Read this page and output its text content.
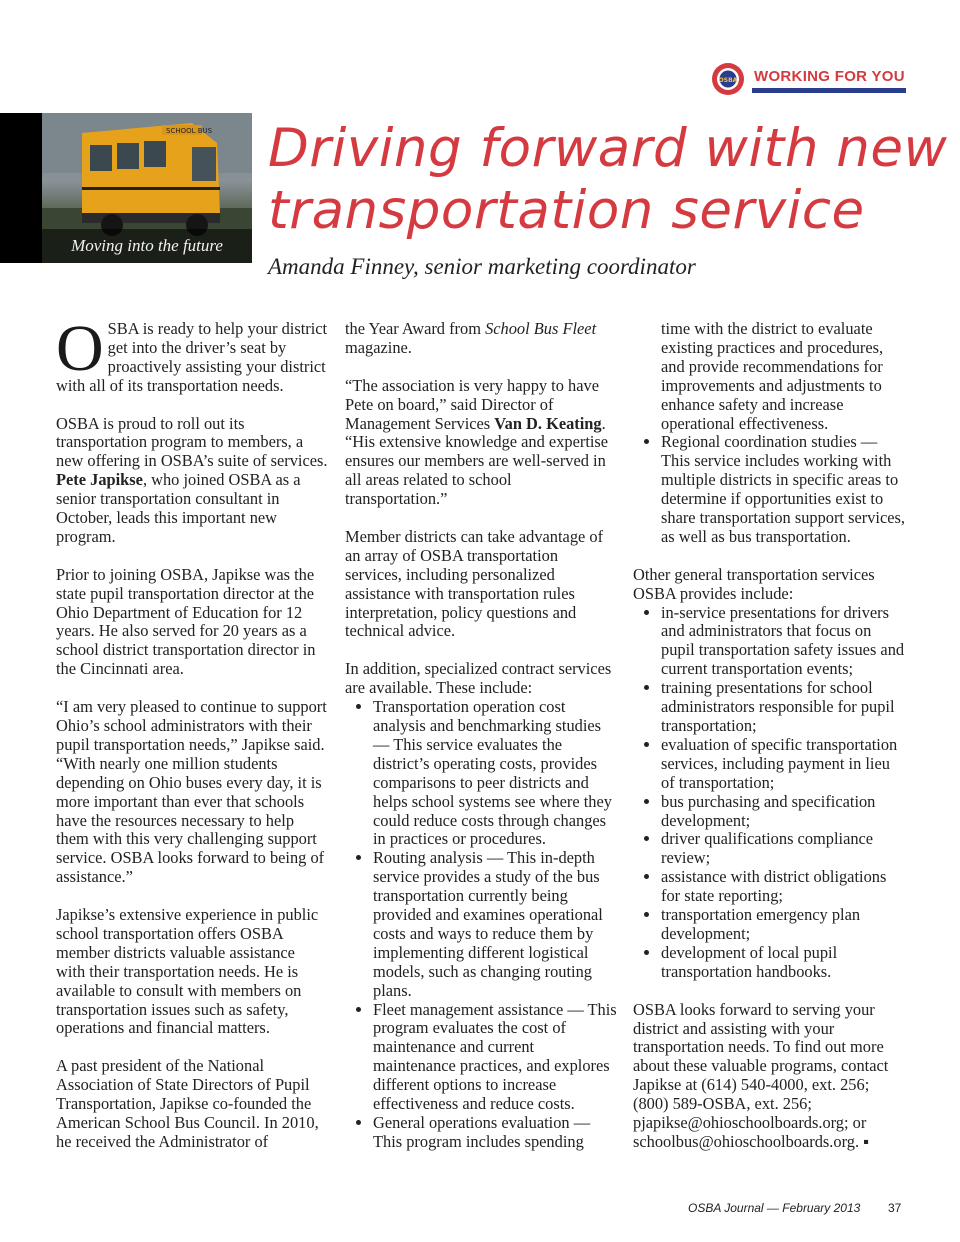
SCHOOL BUS
Moving into the future
OSBA WORKING FOR YOU
Driving forward with new
transportation service

Amanda Finney, senior marketing coordinator

OSBA is ready to help your district get into the driver’s seat by proactively assisting your district with all of its transportation needs.

OSBA is proud to roll out its transportation program to members, a new offering in OSBA’s suite of services. Pete Japikse, who joined OSBA as a senior transportation consultant in October, leads this important new program.

Prior to joining OSBA, Japikse was the state pupil transportation director at the Ohio Department of Education for 12 years. He also served for 20 years as a school district transportation director in the Cincinnati area.

“I am very pleased to continue to support Ohio’s school administrators with their pupil transportation needs,” Japikse said. “With nearly one million students depending on Ohio buses every day, it is more important than ever that schools have the resources necessary to help them with this very challenging support service. OSBA looks forward to being of assistance.”

Japikse’s extensive experience in public school transportation offers OSBA member districts valuable assistance with their transportation needs. He is available to consult with members on transportation issues such as safety, operations and financial matters.

A past president of the National Association of State Directors of Pupil Transportation, Japikse co-founded the American School Bus Council. In 2010, he received the Administrator of

the Year Award from School Bus Fleet magazine.

“The association is very happy to have Pete on board,” said Director of Management Services Van D. Keating. “His extensive knowledge and expertise ensures our members are well-served in all areas related to school transportation.”

Member districts can take advantage of an array of OSBA transportation services, including personalized assistance with transportation rules interpretation, policy questions and technical advice.

In addition, specialized contract services are available. These include:

• Transportation operation cost analysis and benchmarking studies — This service evaluates the district’s operating costs, provides comparisons to peer districts and helps school systems see where they could reduce costs through changes in practices or procedures.
• Routing analysis — This in-depth service provides a study of the bus transportation currently being provided and examines operational costs and ways to reduce them by implementing different logistical models, such as changing routing plans.
• Fleet management assistance — This program evaluates the cost of maintenance and current maintenance practices, and explores different options to increase effectiveness and reduce costs.
• General operations evaluation — This program includes spending

time with the district to evaluate existing practices and procedures, and provide recommendations for improvements and adjustments to enhance safety and increase operational effectiveness.

• Regional coordination studies — This service includes working with multiple districts in specific areas to determine if opportunities exist to share transportation support services, as well as bus transportation.

Other general transportation services OSBA provides include:

• in-service presentations for drivers and administrators that focus on pupil transportation safety issues and current transportation events;
• training presentations for school administrators responsible for pupil transportation;
• evaluation of specific transportation services, including payment in lieu of transportation;
• bus purchasing and specification development;
• driver qualifications compliance review;
• assistance with district obligations for state reporting;
• transportation emergency plan development;
• development of local pupil transportation handbooks.

OSBA looks forward to serving your district and assisting with your transportation needs. To find out more about these valuable programs, contact Japikse at (614) 540-4000, ext. 256; (800) 589-OSBA, ext. 256; pjapikse@ohioschoolboards.org; or schoolbus@ohioschoolboards.org. ▪

OSBA Journal — February 2013 37
